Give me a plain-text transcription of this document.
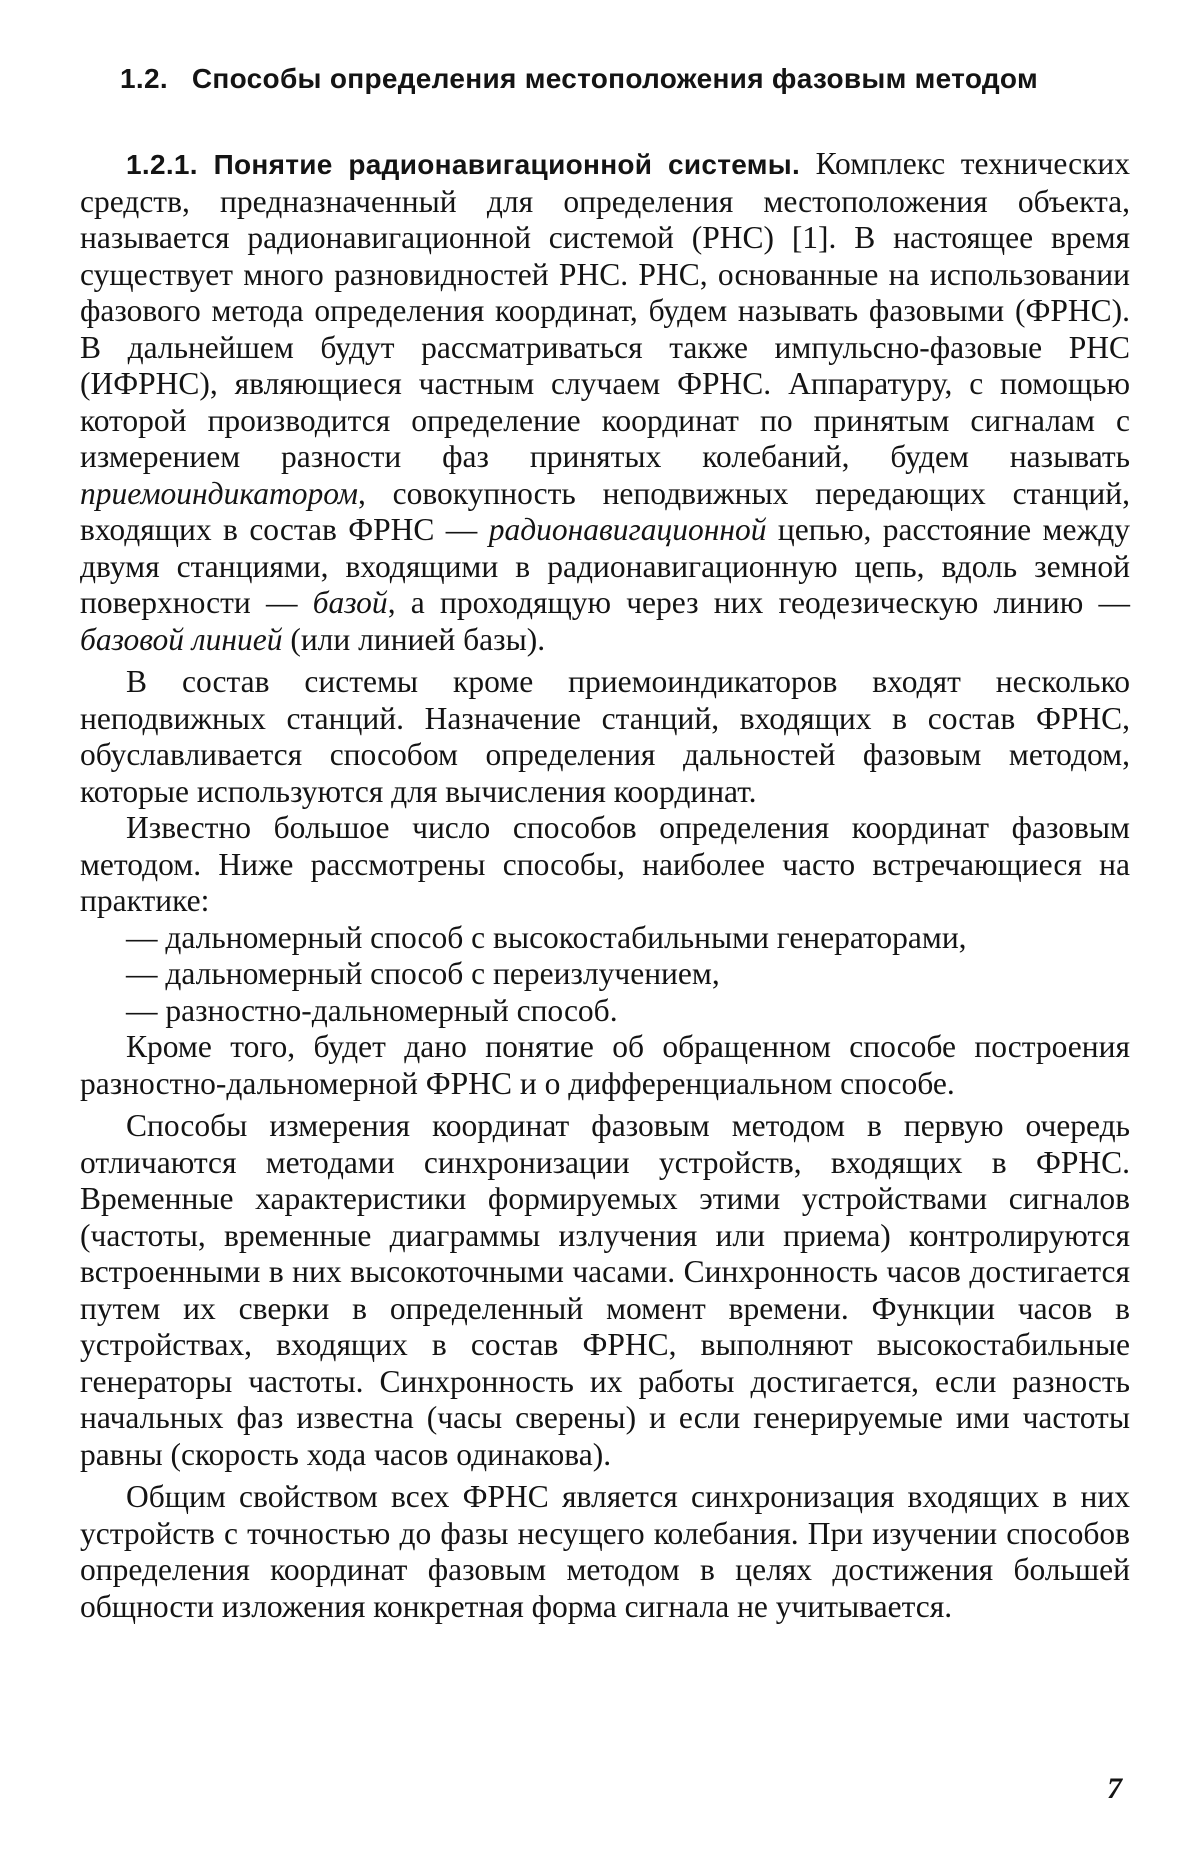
1.2. Способы определения местоположения фазовым методом

1.2.1. Понятие радионавигационной системы. Комплекс технических средств, предназначенный для определения местоположения объекта, называется радионавигационной системой (РНС) [1]. В настоящее время существует много разновидностей РНС. РНС, основанные на использовании фазового метода определения координат, будем называть фазовыми (ФРНС). В дальнейшем будут рассматриваться также импульсно-фазовые РНС (ИФРНС), являющиеся частным случаем ФРНС. Аппаратуру, с помощью которой производится определение координат по принятым сигналам с измерением разности фаз принятых колебаний, будем называть приемоиндикатором, совокупность неподвижных передающих станций, входящих в состав ФРНС — радионавигационной цепью, расстояние между двумя станциями, входящими в радионавигационную цепь, вдоль земной поверхности — базой, а проходящую через них геодезическую линию — базовой линией (или линией базы).

В состав системы кроме приемоиндикаторов входят несколько неподвижных станций. Назначение станций, входящих в состав ФРНС, обуславливается способом определения дальностей фазовым методом, которые используются для вычисления координат.

Известно большое число способов определения координат фазовым методом. Ниже рассмотрены способы, наиболее часто встречающиеся на практике:

— дальномерный способ с высокостабильными генераторами,
— дальномерный способ с переизлучением,
— разностно-дальномерный способ.

Кроме того, будет дано понятие об обращенном способе построения разностно-дальномерной ФРНС и о дифференциальном способе.

Способы измерения координат фазовым методом в первую очередь отличаются методами синхронизации устройств, входящих в ФРНС. Временные характеристики формируемых этими устройствами сигналов (частоты, временные диаграммы излучения или приема) контролируются встроенными в них высокоточными часами. Синхронность часов достигается путем их сверки в определенный момент времени. Функции часов в устройствах, входящих в состав ФРНС, выполняют высокостабильные генераторы частоты. Синхронность их работы достигается, если разность начальных фаз известна (часы сверены) и если генерируемые ими частоты равны (скорость хода часов одинакова).

Общим свойством всех ФРНС является синхронизация входящих в них устройств с точностью до фазы несущего колебания. При изучении способов определения координат фазовым методом в целях достижения большей общности изложения конкретная форма сигнала не учитывается.

7
